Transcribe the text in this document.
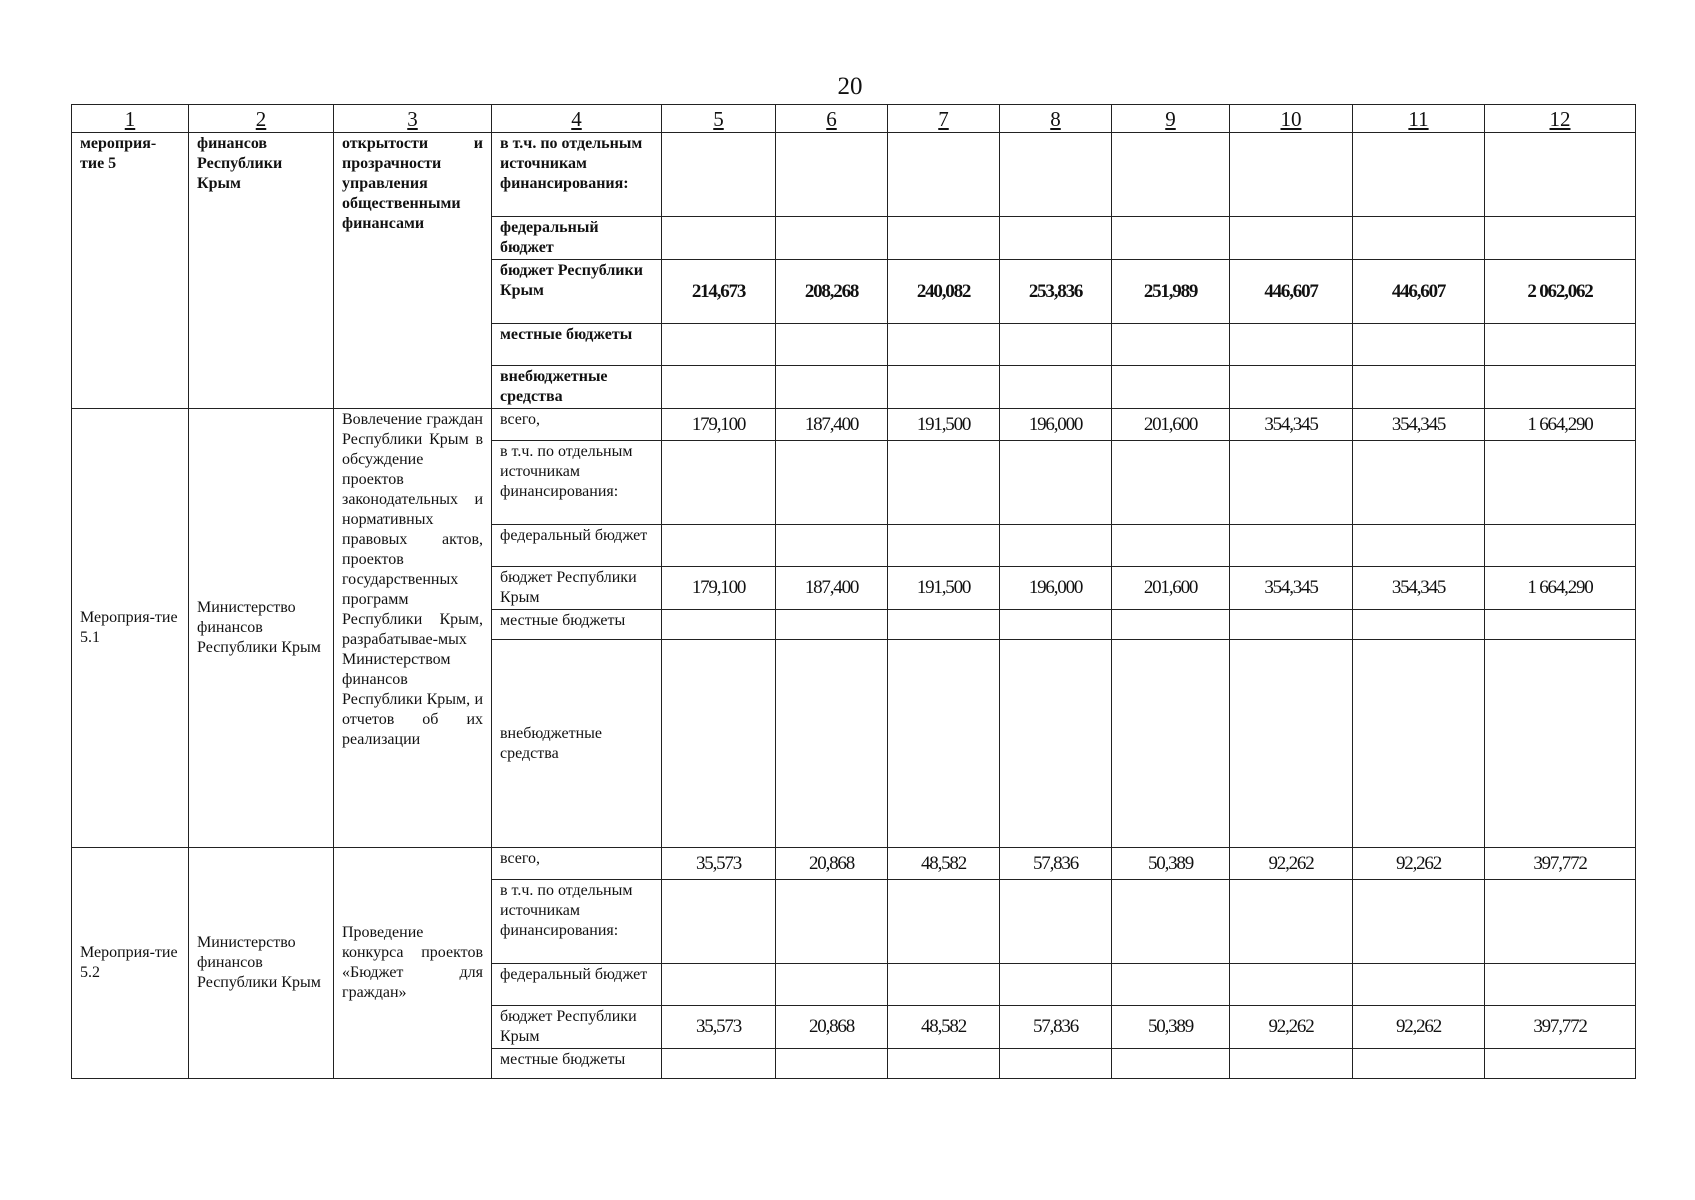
20
1	2	3	4	5	6	7	8	9	10	11	12
мероприя-тие 5	финансов Республики Крым	открытости и прозрачности управления общественными финансами	в т.ч. по отдельным источникам финансирования:								
			федеральный бюджет								
			бюджет Республики Крым	214,673	208,268	240,082	253,836	251,989	446,607	446,607	2 062,062
			местные бюджеты								
			внебюджетные средства								
Мероприя-тие 5.1	Министерство финансов Республики Крым	Вовлечение граждан Республики Крым в обсуждение проектов законодательных и нормативных правовых актов, проектов государственных программ Республики Крым, разрабатывае-мых Министерством финансов Республики Крым, и отчетов об их реализации	всего,	179,100	187,400	191,500	196,000	201,600	354,345	354,345	1 664,290
			в т.ч. по отдельным источникам финансирования:								
			федеральный бюджет								
			бюджет Республики Крым	179,100	187,400	191,500	196,000	201,600	354,345	354,345	1 664,290
			местные бюджеты								
			внебюджетные средства								
Мероприя-тие 5.2	Министерство финансов Республики Крым	Проведение конкурса проектов «Бюджет для граждан»	всего,	35,573	20,868	48,582	57,836	50,389	92,262	92,262	397,772
			в т.ч. по отдельным источникам финансирования:								
			федеральный бюджет								
			бюджет Республики Крым	35,573	20,868	48,582	57,836	50,389	92,262	92,262	397,772
			местные бюджеты								
